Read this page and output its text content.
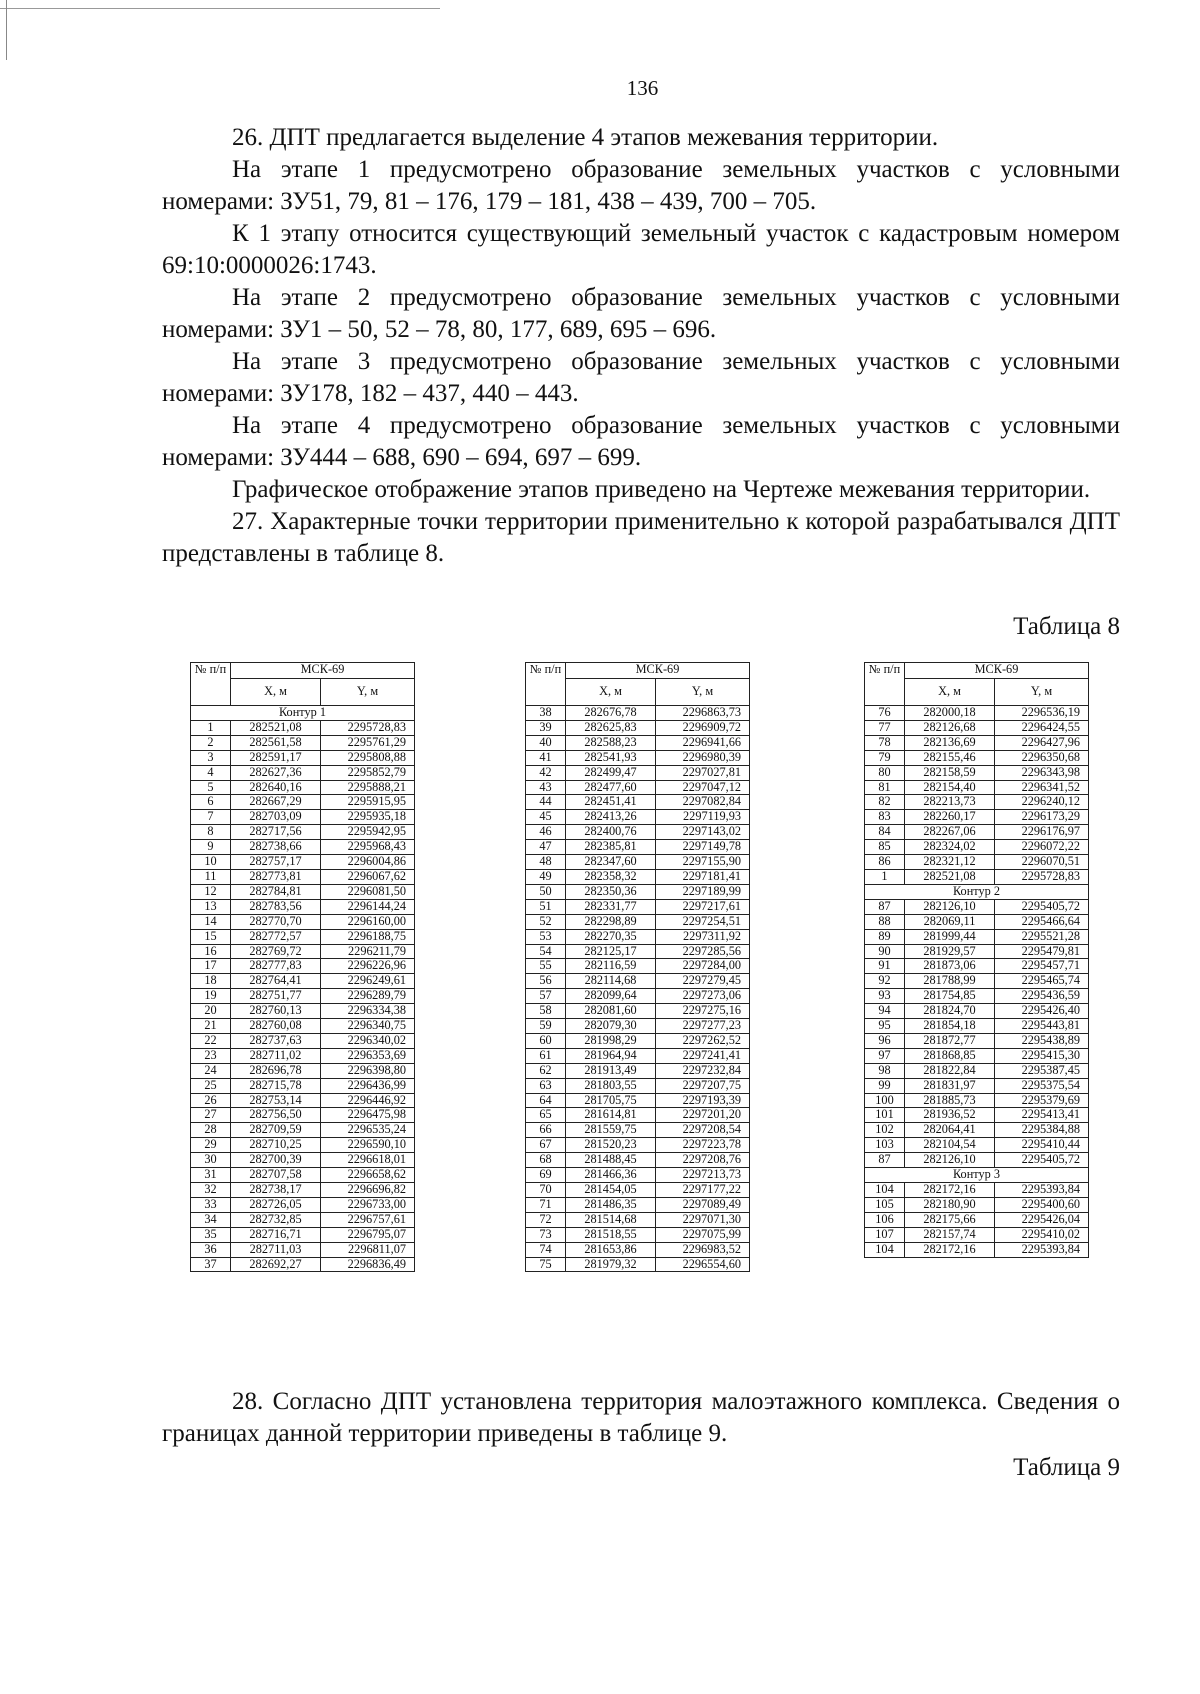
136

26. ДПТ предлагается выделение 4 этапов межевания территории.

На этапе 1 предусмотрено образование земельных участков с условными номерами: ЗУ51, 79, 81 – 176, 179 – 181, 438 – 439, 700 – 705.

К 1 этапу относится существующий земельный участок с кадастровым номером 69:10:0000026:1743.

На этапе 2 предусмотрено образование земельных участков с условными номерами: ЗУ1 – 50, 52 – 78, 80, 177, 689, 695 – 696.

На этапе 3 предусмотрено образование земельных участков с условными номерами: ЗУ178, 182 – 437, 440 – 443.

На этапе 4 предусмотрено образование земельных участков с условными номерами: ЗУ444 – 688, 690 – 694, 697 – 699.

Графическое отображение этапов приведено на Чертеже межевания территории.

27. Характерные точки территории применительно к которой разрабатывался ДПТ представлены в таблице 8.

Таблица 8
№ п/п	МСК-69	
	X, м	Y, м
Контур 1		
1	282521,08	2295728,83
2	282561,58	2295761,29
3	282591,17	2295808,88
4	282627,36	2295852,79
5	282640,16	2295888,21
6	282667,29	2295915,95
7	282703,09	2295935,18
8	282717,56	2295942,95
9	282738,66	2295968,43
10	282757,17	2296004,86
11	282773,81	2296067,62
12	282784,81	2296081,50
13	282783,56	2296144,24
14	282770,70	2296160,00
15	282772,57	2296188,75
16	282769,72	2296211,79
17	282777,83	2296226,96
18	282764,41	2296249,61
19	282751,77	2296289,79
20	282760,13	2296334,38
21	282760,08	2296340,75
22	282737,63	2296340,02
23	282711,02	2296353,69
24	282696,78	2296398,80
25	282715,78	2296436,99
26	282753,14	2296446,92
27	282756,50	2296475,98
28	282709,59	2296535,24
29	282710,25	2296590,10
30	282700,39	2296618,01
31	282707,58	2296658,62
32	282738,17	2296696,82
33	282726,05	2296733,00
34	282732,85	2296757,61
35	282716,71	2296795,07
36	282711,03	2296811,07
37	282692,27	2296836,49
№ п/п	МСК-69	
	X, м	Y, м
38	282676,78	2296863,73
39	282625,83	2296909,72
40	282588,23	2296941,66
41	282541,93	2296980,39
42	282499,47	2297027,81
43	282477,60	2297047,12
44	282451,41	2297082,84
45	282413,26	2297119,93
46	282400,76	2297143,02
47	282385,81	2297149,78
48	282347,60	2297155,90
49	282358,32	2297181,41
50	282350,36	2297189,99
51	282331,77	2297217,61
52	282298,89	2297254,51
53	282270,35	2297311,92
54	282125,17	2297285,56
55	282116,59	2297284,00
56	282114,68	2297279,45
57	282099,64	2297273,06
58	282081,60	2297275,16
59	282079,30	2297277,23
60	281998,29	2297262,52
61	281964,94	2297241,41
62	281913,49	2297232,84
63	281803,55	2297207,75
64	281705,75	2297193,39
65	281614,81	2297201,20
66	281559,75	2297208,54
67	281520,23	2297223,78
68	281488,45	2297208,76
69	281466,36	2297213,73
70	281454,05	2297177,22
71	281486,35	2297089,49
72	281514,68	2297071,30
73	281518,55	2297075,99
74	281653,86	2296983,52
75	281979,32	2296554,60
№ п/п	МСК-69	
	X, м	Y, м
76	282000,18	2296536,19
77	282126,68	2296424,55
78	282136,69	2296427,96
79	282155,46	2296350,68
80	282158,59	2296343,98
81	282154,40	2296341,52
82	282213,73	2296240,12
83	282260,17	2296173,29
84	282267,06	2296176,97
85	282324,02	2296072,22
86	282321,12	2296070,51
1	282521,08	2295728,83
Контур 2		
87	282126,10	2295405,72
88	282069,11	2295466,64
89	281999,44	2295521,28
90	281929,57	2295479,81
91	281873,06	2295457,71
92	281788,99	2295465,74
93	281754,85	2295436,59
94	281824,70	2295426,40
95	281854,18	2295443,81
96	281872,77	2295438,89
97	281868,85	2295415,30
98	281822,84	2295387,45
99	281831,97	2295375,54
100	281885,73	2295379,69
101	281936,52	2295413,41
102	282064,41	2295384,88
103	282104,54	2295410,44
87	282126,10	2295405,72
Контур 3		
104	282172,16	2295393,84
105	282180,90	2295400,60
106	282175,66	2295426,04
107	282157,74	2295410,02
104	282172,16	2295393,84

28. Согласно ДПТ установлена территория малоэтажного комплекса. Сведения о границах данной территории приведены в таблице 9.

Таблица 9
